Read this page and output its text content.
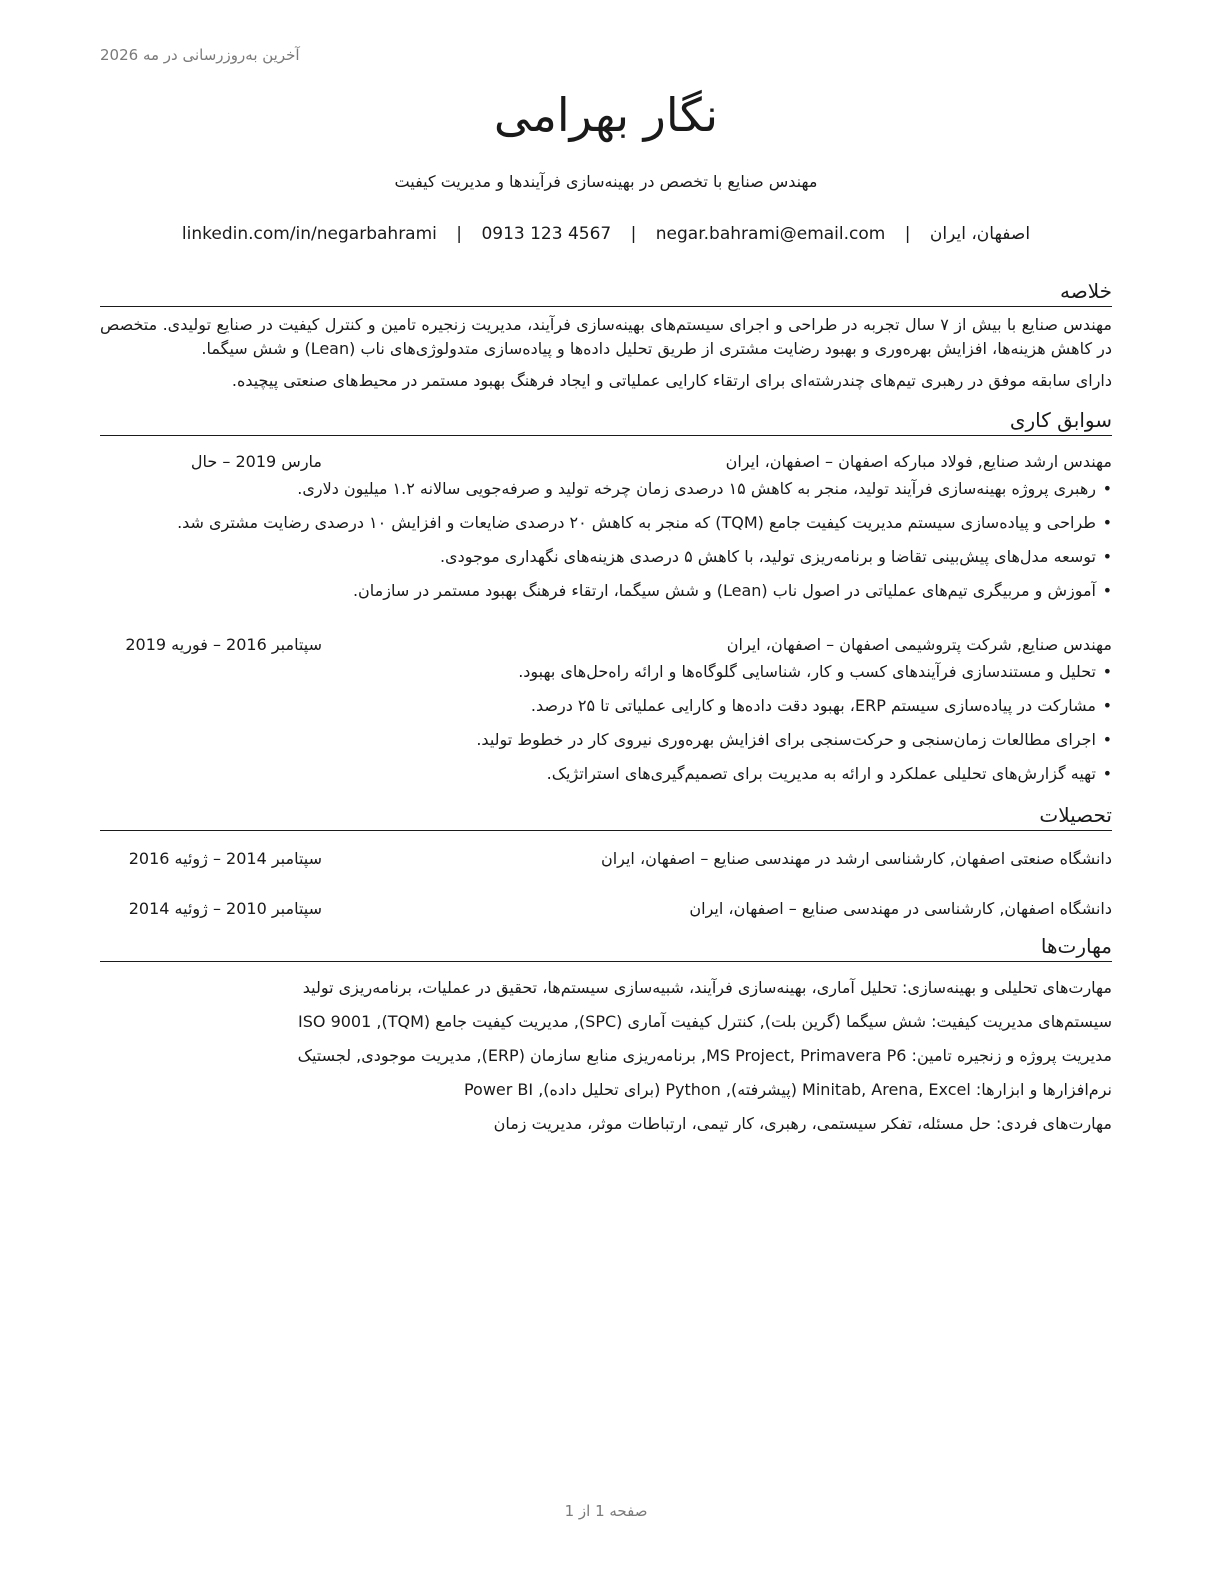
آخرین به‌روزرسانی در مه 2026
نگار بهرامی
مهندس صنایع با تخصص در بهینه‌سازی فرآیندها و مدیریت کیفیت
اصفهان، ایران | negar.bahrami@email.com | 0913 123 4567 | linkedin.com/in/negarbahrami
خلاصه

مهندس صنایع با بیش از ۷ سال تجربه در طراحی و اجرای سیستم‌های بهینه‌سازی فرآیند، مدیریت زنجیره تامین و کنترل کیفیت در صنایع تولیدی. متخصص در کاهش هزینه‌ها، افزایش بهره‌وری و بهبود رضایت مشتری از طریق تحلیل داده‌ها و پیاده‌سازی متدولوژی‌های ناب (Lean) و شش سیگما.

دارای سابقه موفق در رهبری تیم‌های چندرشته‌ای برای ارتقاء کارایی عملیاتی و ایجاد فرهنگ بهبود مستمر در محیط‌های صنعتی پیچیده.

سوابق کاری
مهندس ارشد صنایع, فولاد مبارکه اصفهان – اصفهان، ایران
مارس 2019 – حال
• رهبری پروژه بهینه‌سازی فرآیند تولید، منجر به کاهش ۱۵ درصدی زمان چرخه تولید و صرفه‌جویی سالانه ۱.۲ میلیون دلاری.
• طراحی و پیاده‌سازی سیستم مدیریت کیفیت جامع (TQM) که منجر به کاهش ۲۰ درصدی ضایعات و افزایش ۱۰ درصدی رضایت مشتری شد.
• توسعه مدل‌های پیش‌بینی تقاضا و برنامه‌ریزی تولید، با کاهش ۵ درصدی هزینه‌های نگهداری موجودی.
• آموزش و مربیگری تیم‌های عملیاتی در اصول ناب (Lean) و شش سیگما، ارتقاء فرهنگ بهبود مستمر در سازمان.
مهندس صنایع, شرکت پتروشیمی اصفهان – اصفهان، ایران
سپتامبر 2016 – فوریه 2019
• تحلیل و مستندسازی فرآیندهای کسب و کار، شناسایی گلوگاه‌ها و ارائه راه‌حل‌های بهبود.
• مشارکت در پیاده‌سازی سیستم ERP، بهبود دقت داده‌ها و کارایی عملیاتی تا ۲۵ درصد.
• اجرای مطالعات زمان‌سنجی و حرکت‌سنجی برای افزایش بهره‌وری نیروی کار در خطوط تولید.
• تهیه گزارش‌های تحلیلی عملکرد و ارائه به مدیریت برای تصمیم‌گیری‌های استراتژیک.
تحصیلات
دانشگاه صنعتی اصفهان, کارشناسی ارشد در مهندسی صنایع – اصفهان، ایران
سپتامبر 2014 – ژوئیه 2016
دانشگاه اصفهان, کارشناسی در مهندسی صنایع – اصفهان، ایران
سپتامبر 2010 – ژوئیه 2014
مهارت‌ها
مهارت‌های تحلیلی و بهینه‌سازی: تحلیل آماری، بهینه‌سازی فرآیند، شبیه‌سازی سیستم‌ها، تحقیق در عملیات، برنامه‌ریزی تولید
سیستم‌های مدیریت کیفیت: شش سیگما (گرین بلت), کنترل کیفیت آماری (SPC), مدیریت کیفیت جامع (TQM), ISO 9001
مدیریت پروژه و زنجیره تامین: MS Project, Primavera P6, برنامه‌ریزی منابع سازمان (ERP), مدیریت موجودی, لجستیک
نرم‌افزارها و ابزارها: Minitab, Arena, Excel (پیشرفته), Python (برای تحلیل داده), Power BI
مهارت‌های فردی: حل مسئله، تفکر سیستمی، رهبری، کار تیمی، ارتباطات موثر، مدیریت زمان
صفحه 1 از 1
